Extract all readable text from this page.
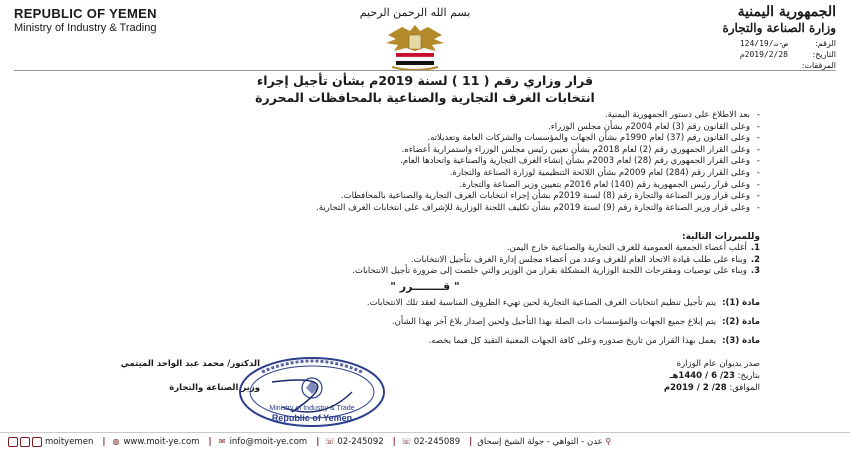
REPUBLIC OF YEMEN
Ministry of Industry & Trading
بسم الله الرحمن الرحيم	الجمهورية اليمنية
وزارة الصناعة والتجارة
الرقم:
ص-ت/124/19
التاريخ:
2019/2/28م
المرفقات:
قرار وزاري رقم ( 11 ) لسنة 2019م بشأن تأجيل إجراء
انتخابات الغرف التجارية والصناعية بالمحافظات المحررة
-بعد الاطلاع على دستور الجمهورية اليمنية.
-وعلى القانون رقم (3) لعام 2004م بشأن مجلس الوزراء.
-وعلى القانون رقم (37) لعام 1990م بشأن الجهات والمؤسسات والشركات العامة وتعديلاته.
-وعلى القرار الجمهوري رقم (2) لعام 2018م بشأن تعيين رئيس مجلس الوزراء واستمرارية أعضاءه.
-وعلى القرار الجمهوري رقم (28) لعام 2003م بشأن إنشاء الغرف التجارية والصناعية واتحادها العام.
-وعلى القرار رقم (284) لعام 2009م بشأن اللائحة التنظيمية لوزارة الصناعة والتجارة.
-وعلى قرار رئيس الجمهورية رقم (140) لعام 2016م بتعيين وزير الصناعة والتجارة.
-وعلى قرار وزير الصناعة والتجارة رقم (8) لسنة 2019م بشأن إجراء انتخابات الغرف التجارية والصناعية بالمحافظات.
-وعلى قرار وزير الصناعة والتجارة رقم (9) لسنة 2019م بشأن تكليف اللجنة الوزارية للإشراف على انتخابات الغرف التجارية.
وللمبررات التالية:
1.أغلب أعضاء الجمعية العمومية للغرف التجارية والصناعية خارج اليمن.
2.وبناء على طلب قيادة الاتحاد العام للغرف وعدد من أعضاء مجلس إدارة الغرف بتأجيل الانتخابات.
3.وبناء على توصيات ومقترحات اللجنة الوزارية المشكلة بقرار من الوزير والتي خلصت إلى ضرورة تأجيل الانتخابات.
" قــــــــرر "
مادة (1):يتم تأجيل تنظيم انتخابات الغرف الصناعية التجارية لحين تهيء الظروف المناسبة لعقد تلك الانتخابات.
مادة (2):يتم إبلاغ جميع الجهات والمؤسسات ذات الصلة بهذا التأجيل ولحين إصدار بلاغ آخر بهذا الشأن.
مادة (3):يعمل بهذا القرار من تاريخ صدوره وعلى كافة الجهات المعنية التقيد كل فيما يخصه.
الدكتور/ محمد عبد الواحد الميتمي
وزير الصناعة والتجارة
Ministry of Industry & Trade
Republic of Yemen
صدر بديوان عام الوزارة
بتاريخ: 23/ 6 / 1440هـ
الموافق: 28/ 2 / 2019م
moityemen | ◍ www.moit-ye.com | ✉ info@moit-ye.com | ☏ 02-245092 | ☏ 02-245089 |	⚲
عدن - التواهي - جولة الشيخ إسحاق
